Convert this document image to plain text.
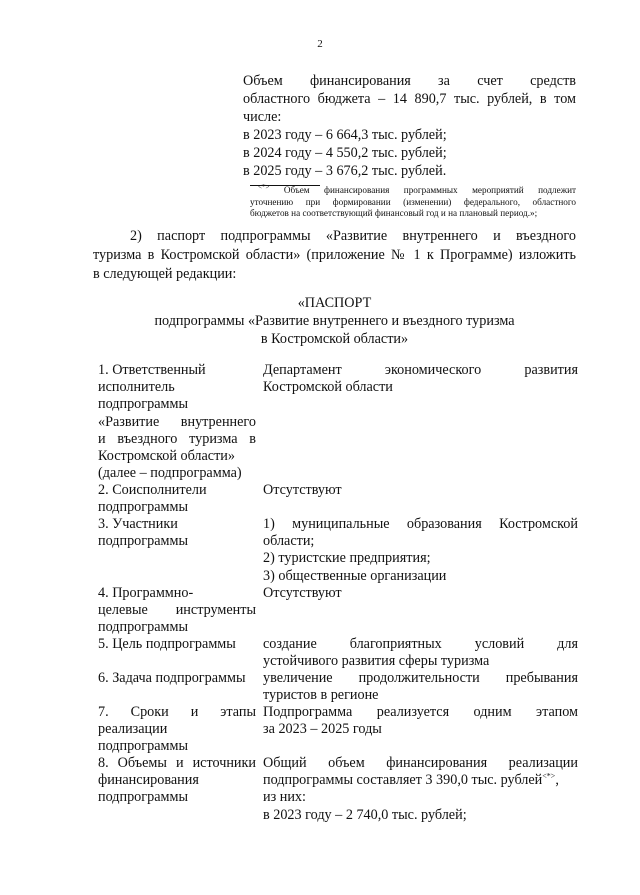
2
Объем финансирования за счет средств
областного бюджета – 14 890,7 тыс. рублей, в том
числе:
в 2023 году – 6 664,3 тыс. рублей;
в 2024 году – 4 550,2 тыс. рублей;
в 2025 году – 3 676,2 тыс. рублей.
<*> Объем финансирования программных мероприятий подлежит
уточнению при формировании (изменении) федерального, областного
бюджетов на соответствующий финансовый год и на плановый период.»;
2) паспорт подпрограммы «Развитие внутреннего и въездного
туризма в Костромской области» (приложение № 1 к Программе) изложить
в следующей редакции:
«ПАСПОРТ
подпрограммы «Развитие внутреннего и въездного туризма
в Костромской области»
1. Ответственный
исполнитель
подпрограммы
«Развитие внутреннего
и въездного туризма в
Костромской области»
(далее – подпрограмма)
Департамент экономического развития
Костромской области
2. Соисполнители
подпрограммы
Отсутствуют
3. Участники
подпрограммы
1) муниципальные образования Костромской
области;
2) туристские предприятия;
3) общественные организации
4. Программно-
целевые инструменты
подпрограммы
Отсутствуют
5. Цель подпрограммы	создание благоприятных условий для
устойчивого развития сферы туризма
6. Задача подпрограммы	увеличение продолжительности пребывания
туристов в регионе
7. Сроки и этапы
реализации
подпрограммы
Подпрограмма реализуется одним этапом
за 2023 – 2025 годы
8. Объемы и источники
финансирования
подпрограммы
Общий объем финансирования реализации
подпрограммы составляет 3 390,0 тыс. рублей<*>,
из них:
в 2023 году – 2 740,0 тыс. рублей;
